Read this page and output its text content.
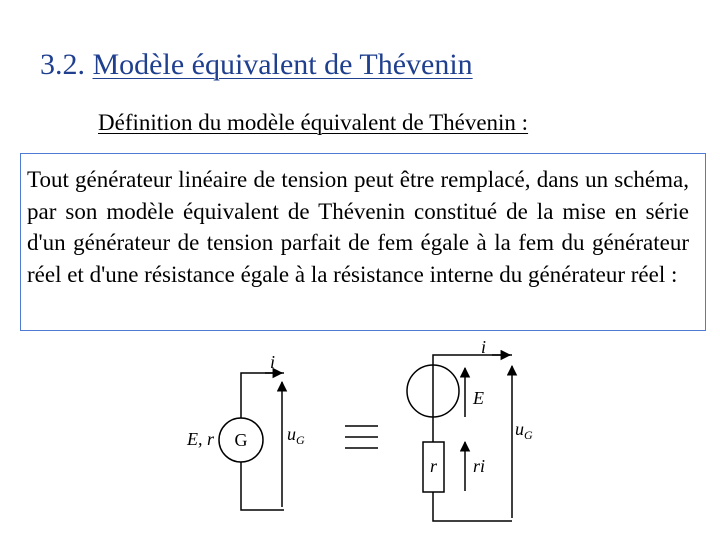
3.2. Modèle équivalent de Thévenin
Définition du modèle équivalent de Thévenin :
Tout générateur linéaire de tension peut être remplacé, dans un schéma, par son modèle équivalent de Thévenin constitué de la mise en série d'un générateur de tension parfait de fem égale à la fem du générateur réel et d'une résistance égale à la résistance interne du générateur réel :
i
E, r G $u_G$
i
E
r ri
$u_G$
